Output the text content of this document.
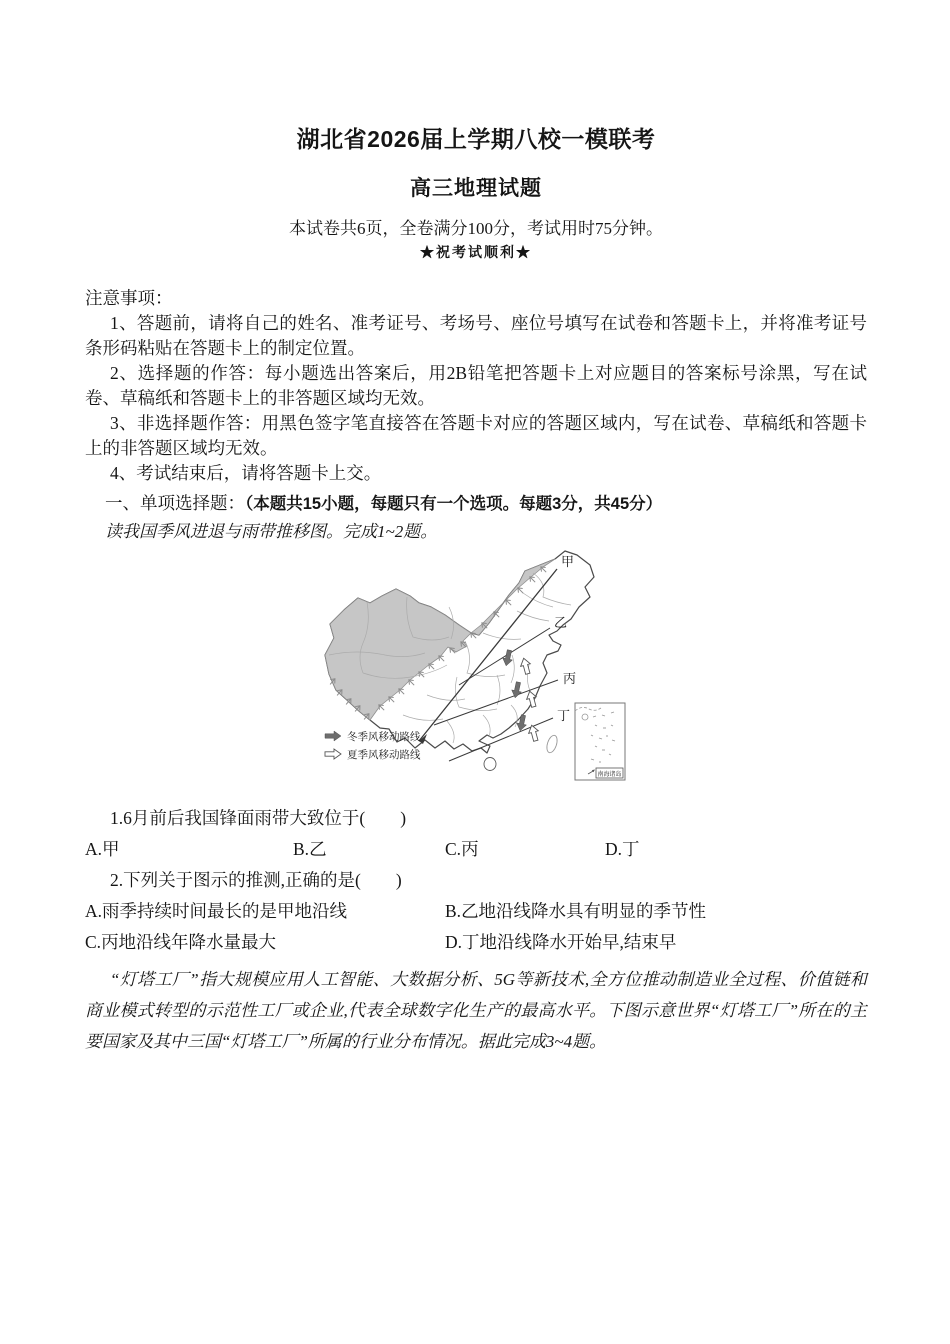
湖北省2026届上学期八校一模联考
高三地理试题
本试卷共6页，全卷满分100分，考试用时75分钟。
★祝考试顺利★
注意事项：

1、答题前，请将自己的姓名、准考证号、考场号、座位号填写在试卷和答题卡上，并将准考证号条形码粘贴在答题卡上的制定位置。

2、选择题的作答：每小题选出答案后，用2B铅笔把答题卡上对应题目的答案标号涂黑，写在试卷、草稿纸和答题卡上的非答题区域均无效。

3、非选择题作答：用黑色签字笔直接答在答题卡对应的答题区域内，写在试卷、草稿纸和答题卡上的非答题区域均无效。

4、考试结束后，请将答题卡上交。

一、单项选择题：（本题共15小题，每题只有一个选项。每题3分，共45分）

读我国季风进退与雨带推移图。完成1~2题。

甲
乙
丙
丁
冬季风移动路线
夏季风移动路线
南海诸岛

1.6月前后我国锋面雨带大致位于(　　)

A.甲	B.乙	C.丙	D.丁

2.下列关于图示的推测,正确的是(　　)

A.雨季持续时间最长的是甲地沿线	B.乙地沿线降水具有明显的季节性
C.丙地沿线年降水量最大	D.丁地沿线降水开始早,结束早

“灯塔工厂”指大规模应用人工智能、大数据分析、5G等新技术,全方位推动制造业全过程、价值链和商业模式转型的示范性工厂或企业,代表全球数字化生产的最高水平。下图示意世界“灯塔工厂”所在的主要国家及其中三国“灯塔工厂”所属的行业分布情况。据此完成3~4题。
